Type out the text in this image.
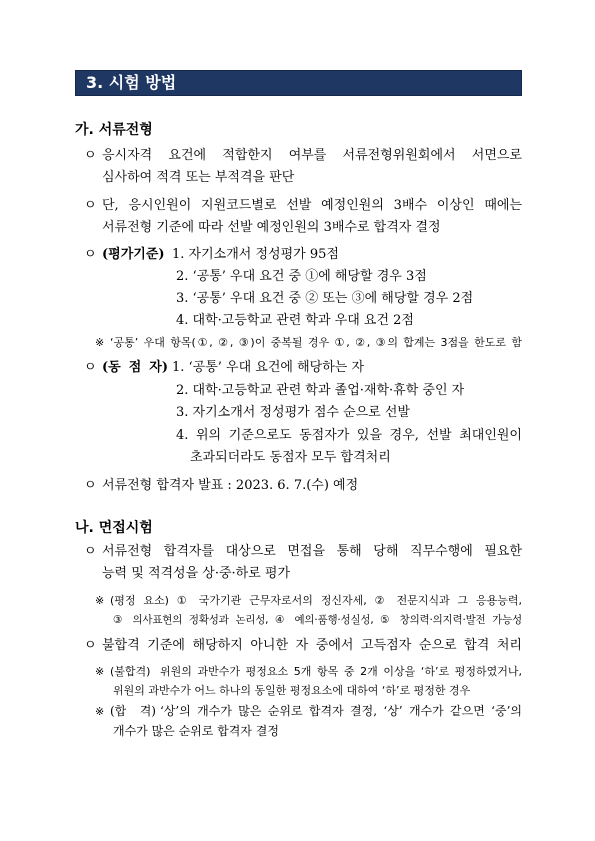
3. 시험 방법
가. 서류전형
ㅇ 응시자격 요건에 적합한지 여부를 서류전형위원회에서 서면으로
심사하여 적격 또는 부적격을 판단
ㅇ 단, 응시인원이 지원코드별로 선발 예정인원의 3배수 이상인 때에는
서류전형 기준에 따라 선발 예정인원의 3배수로 합격자 결정
ㅇ (평가기준) 1. 자기소개서 정성평가 95점
2. ‘공통’ 우대 요건 중 ①에 해당할 경우 3점
3. ‘공통’ 우대 요건 중 ② 또는 ③에 해당할 경우 2점
4. 대학·고등학교 관련 학과 우대 요건 2점
※ ‘공통’ 우대 항목(①, ②, ③)이 중복될 경우 ①, ②, ③의 합계는 3점을 한도로 함
ㅇ (동 점 자) 1. ‘공통’ 우대 요건에 해당하는 자
2. 대학·고등학교 관련 학과 졸업·재학·휴학 중인 자
3. 자기소개서 정성평가 점수 순으로 선발
4. 위의 기준으로도 동점자가 있을 경우, 선발 최대인원이
초과되더라도 동점자 모두 합격처리
ㅇ 서류전형 합격자 발표 : 2023. 6. 7.(수) 예정
나. 면접시험
ㅇ 서류전형 합격자를 대상으로 면접을 통해 당해 직무수행에 필요한
능력 및 적격성을 상·중·하로 평가
※ (평정 요소) ① 국가기관 근무자로서의 정신자세, ② 전문지식과 그 응용능력,
③ 의사표현의 정확성과 논리성, ④ 예의·품행·성실성, ⑤ 창의력·의지력·발전 가능성
ㅇ 불합격 기준에 해당하지 아니한 자 중에서 고득점자 순으로 합격 처리
※ (불합격) 위원의 과반수가 평정요소 5개 항목 중 2개 이상을 ‘하’로 평정하였거나,
위원의 과반수가 어느 하나의 동일한 평정요소에 대하여 ‘하’로 평정한 경우
※ (합 격) ‘상’의 개수가 많은 순위로 합격자 결정, ‘상’ 개수가 같으면 ‘중’의
개수가 많은 순위로 합격자 결정
